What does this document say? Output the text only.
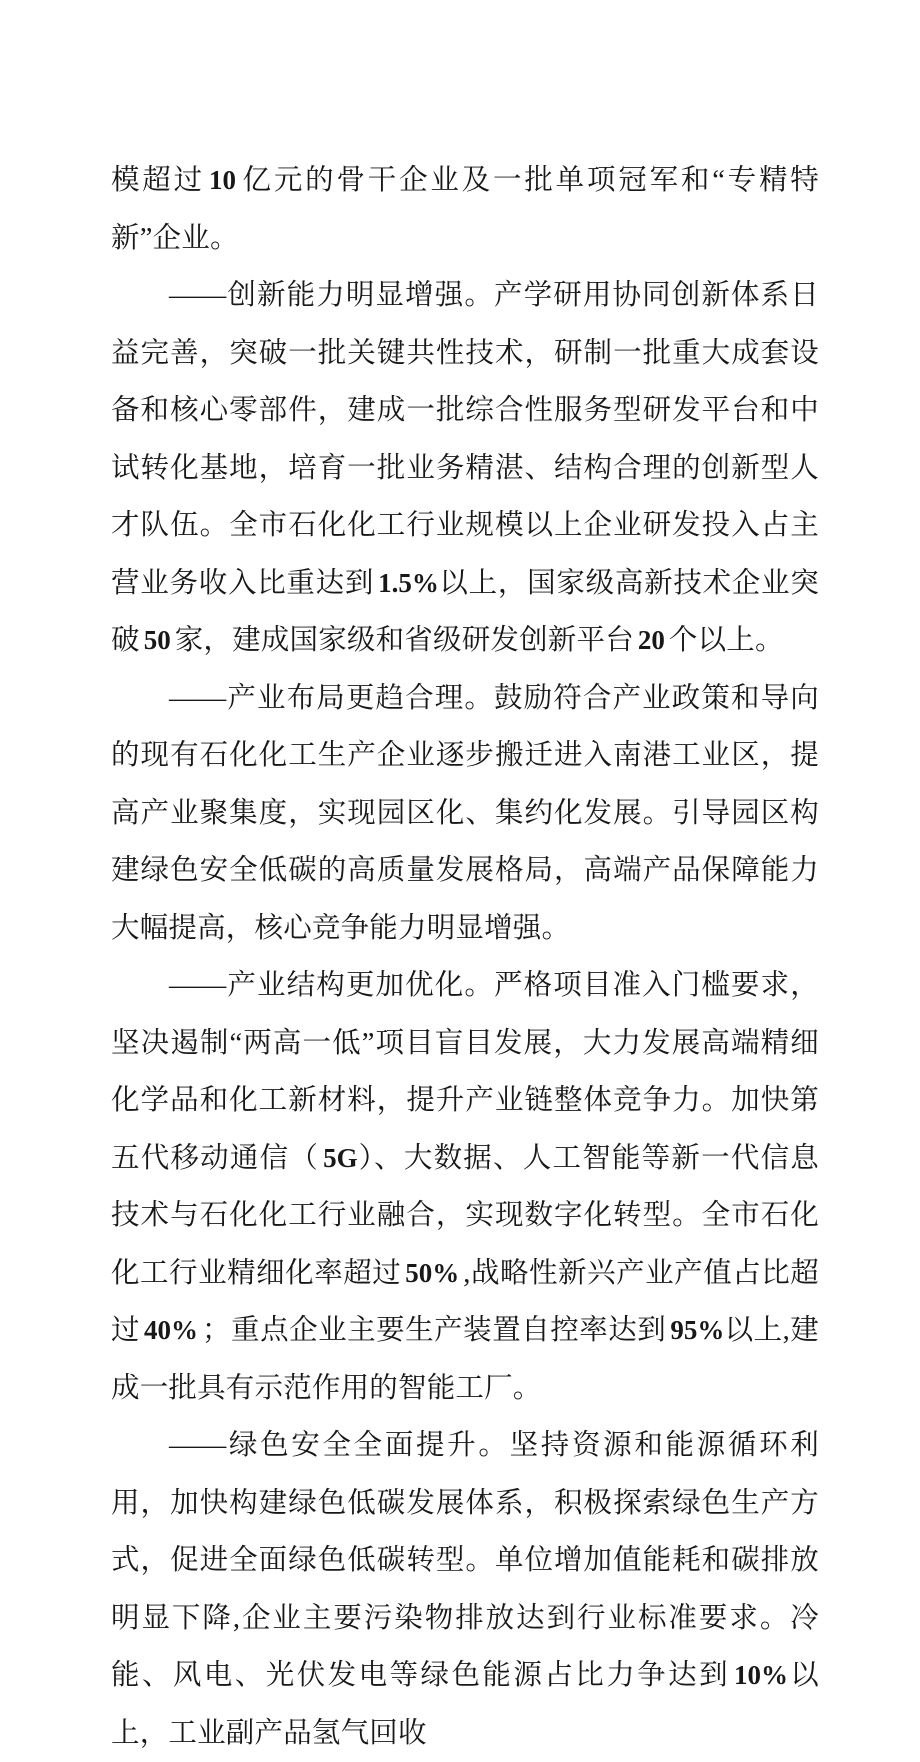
模超过 10 亿元的骨干企业及一批单项冠军和“专精特新”企业。

——创新能力明显增强。产学研用协同创新体系日益完善，突破一批关键共性技术，研制一批重大成套设备和核心零部件，建成一批综合性服务型研发平台和中试转化基地，培育一批业务精湛、结构合理的创新型人才队伍。全市石化化工行业规模以上企业研发投入占主营业务收入比重达到 1.5%以上，国家级高新技术企业突破 50 家，建成国家级和省级研发创新平台 20 个以上。

——产业布局更趋合理。鼓励符合产业政策和导向的现有石化化工生产企业逐步搬迁进入南港工业区，提高产业聚集度，实现园区化、集约化发展。引导园区构建绿色安全低碳的高质量发展格局，高端产品保障能力大幅提高，核心竞争能力明显增强。

——产业结构更加优化。严格项目准入门槛要求，坚决遏制“两高一低”项目盲目发展，大力发展高端精细化学品和化工新材料，提升产业链整体竞争力。加快第五代移动通信（ 5G）、大数据、人工智能等新一代信息技术与石化化工行业融合，实现数字化转型。全市石化化工行业精细化率超过 50% ,战略性新兴产业产值占比超过 40% ；重点企业主要生产装置自控率达到 95%以上,建成一批具有示范作用的智能工厂。

——绿色安全全面提升。坚持资源和能源循环利用，加快构建绿色低碳发展体系，积极探索绿色生产方式，促进全面绿色低碳转型。单位增加值能耗和碳排放明显下降,企业主要污染物排放达到行业标准要求。冷能、风电、光伏发电等绿色能源占比力争达到 10%以上，工业副产品氢气回收
